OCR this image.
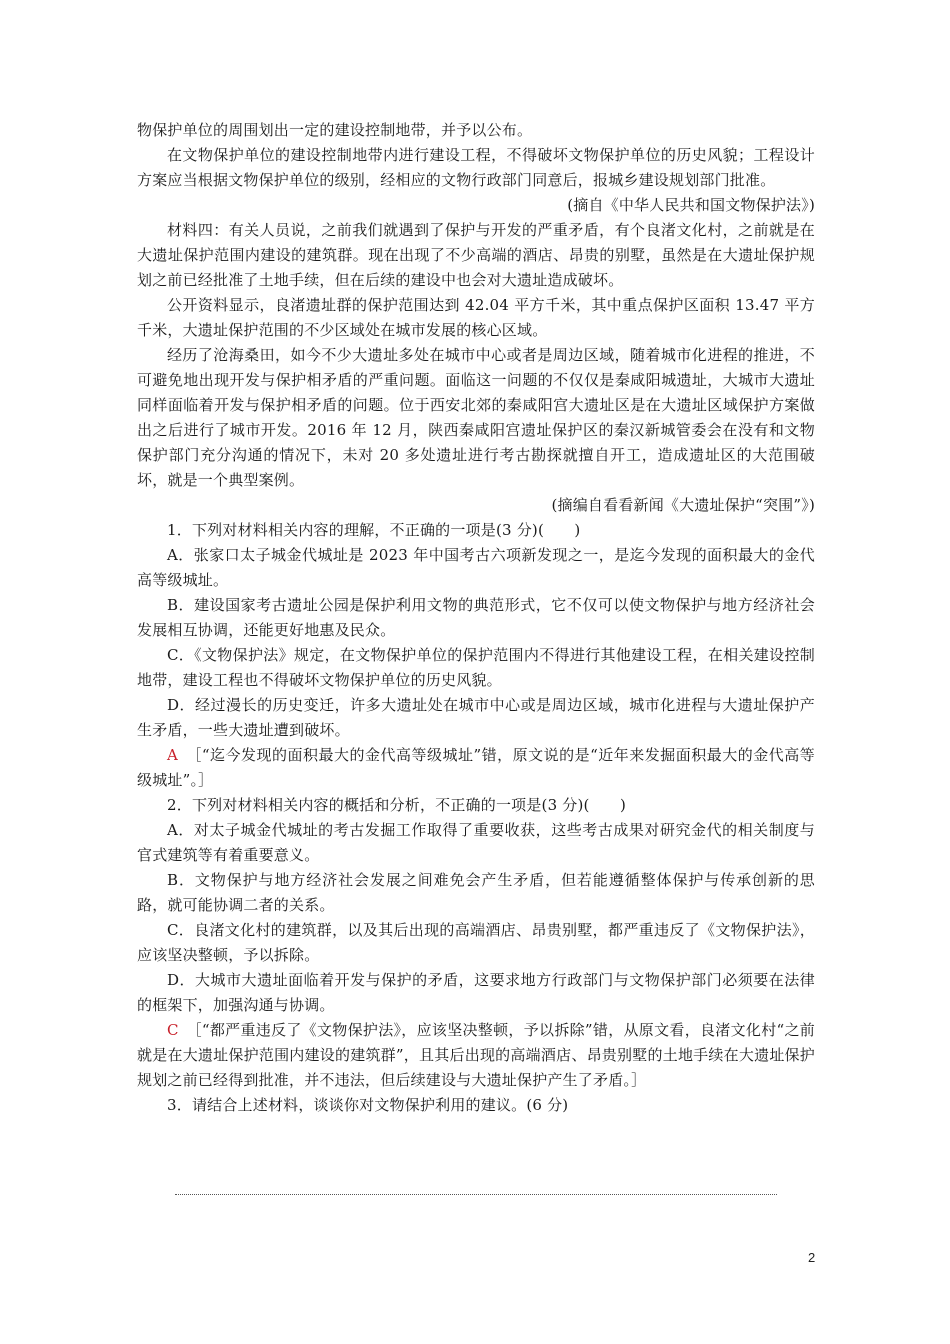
物保护单位的周围划出一定的建设控制地带，并予以公布。

在文物保护单位的建设控制地带内进行建设工程，不得破坏文物保护单位的历史风貌；工程设计方案应当根据文物保护单位的级别，经相应的文物行政部门同意后，报城乡建设规划部门批准。

(摘自《中华人民共和国文物保护法》)

材料四：有关人员说，之前我们就遇到了保护与开发的严重矛盾，有个良渚文化村，之前就是在大遗址保护范围内建设的建筑群。现在出现了不少高端的酒店、昂贵的别墅，虽然是在大遗址保护规划之前已经批准了土地手续，但在后续的建设中也会对大遗址造成破坏。

公开资料显示，良渚遗址群的保护范围达到 42.04 平方千米，其中重点保护区面积 13.47 平方千米，大遗址保护范围的不少区域处在城市发展的核心区域。

经历了沧海桑田，如今不少大遗址多处在城市中心或者是周边区域，随着城市化进程的推进，不可避免地出现开发与保护相矛盾的严重问题。面临这一问题的不仅仅是秦咸阳城遗址，大城市大遗址同样面临着开发与保护相矛盾的问题。位于西安北郊的秦咸阳宫大遗址区是在大遗址区域保护方案做出之后进行了城市开发。2016 年 12 月，陕西秦咸阳宫遗址保护区的秦汉新城管委会在没有和文物保护部门充分沟通的情况下，未对 20 多处遗址进行考古勘探就擅自开工，造成遗址区的大范围破坏，就是一个典型案例。

(摘编自看看新闻《大遗址保护“突围”》)

1．下列对材料相关内容的理解，不正确的一项是(3 分)(　　)

A．张家口太子城金代城址是 2023 年中国考古六项新发现之一，是迄今发现的面积最大的金代高等级城址。

B．建设国家考古遗址公园是保护利用文物的典范形式，它不仅可以使文物保护与地方经济社会发展相互协调，还能更好地惠及民众。

C．《文物保护法》规定，在文物保护单位的保护范围内不得进行其他建设工程，在相关建设控制地带，建设工程也不得破坏文物保护单位的历史风貌。

D．经过漫长的历史变迁，许多大遗址处在城市中心或是周边区域，城市化进程与大遗址保护产生矛盾，一些大遗址遭到破坏。

A　 ［“迄今发现的面积最大的金代高等级城址”错，原文说的是“近年来发掘面积最大的金代高等级城址”。］

2．下列对材料相关内容的概括和分析，不正确的一项是(3 分)(　　)

A．对太子城金代城址的考古发掘工作取得了重要收获，这些考古成果对研究金代的相关制度与官式建筑等有着重要意义。

B．文物保护与地方经济社会发展之间难免会产生矛盾，但若能遵循整体保护与传承创新的思路，就可能协调二者的关系。

C．良渚文化村的建筑群，以及其后出现的高端酒店、昂贵别墅，都严重违反了《文物保护法》，应该坚决整顿，予以拆除。

D．大城市大遗址面临着开发与保护的矛盾，这要求地方行政部门与文物保护部门必须要在法律的框架下，加强沟通与协调。

C　 ［“都严重违反了《文物保护法》，应该坚决整顿，予以拆除”错，从原文看，良渚文化村“之前就是在大遗址保护范围内建设的建筑群”，且其后出现的高端酒店、昂贵别墅的土地手续在大遗址保护规划之前已经得到批准，并不违法，但后续建设与大遗址保护产生了矛盾。］

3．请结合上述材料，谈谈你对文物保护利用的建议。(6 分)

2
